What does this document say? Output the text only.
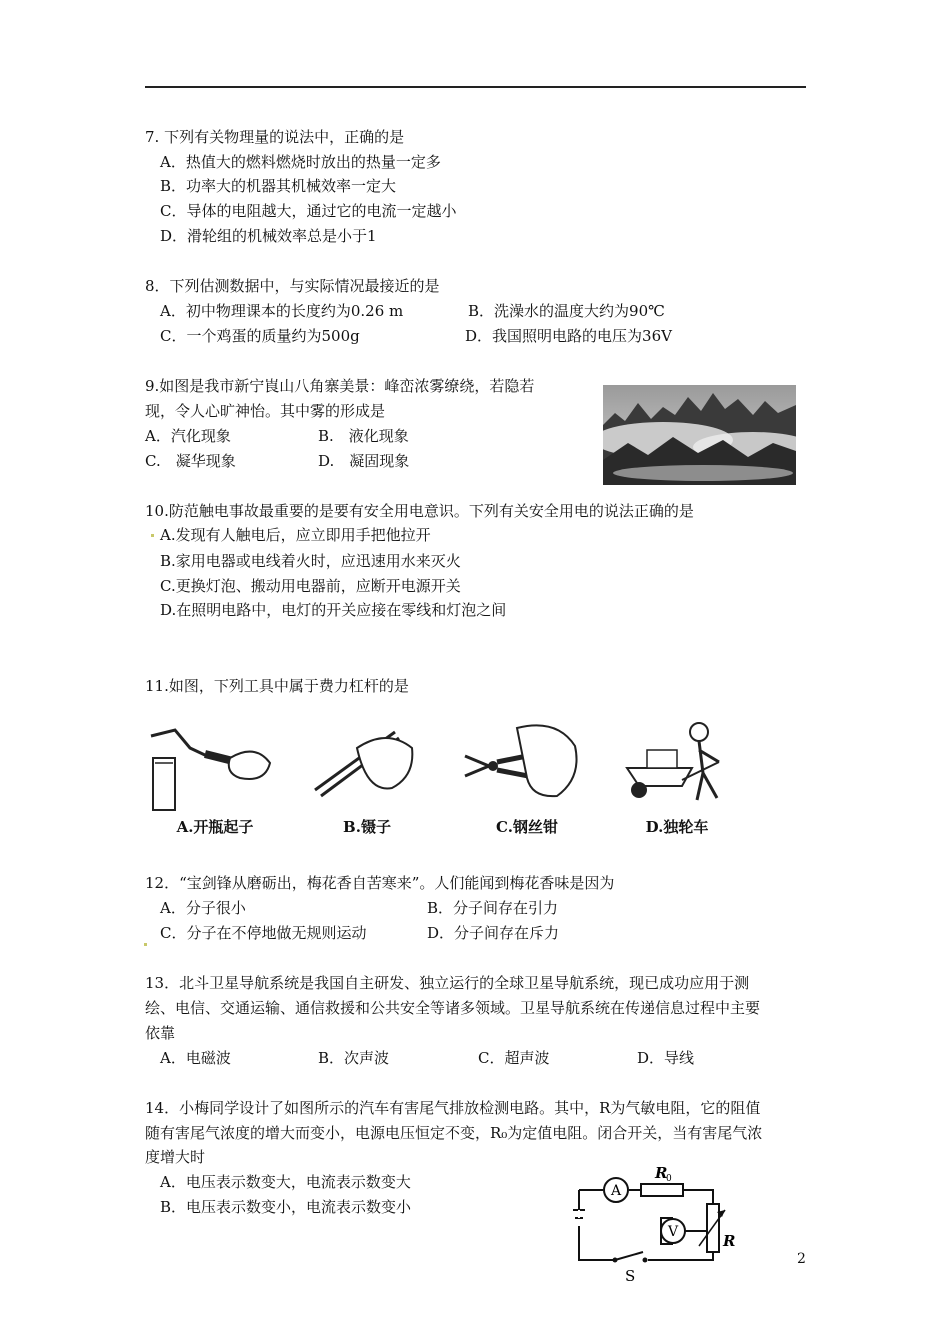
7. 下列有关物理量的说法中，正确的是
A．热值大的燃料燃烧时放出的热量一定多
B．功率大的机器其机械效率一定大
C．导体的电阻越大，通过它的电流一定越小
D．滑轮组的机械效率总是小于1
8．下列估测数据中，与实际情况最接近的是
A．初中物理课本的长度约为0.26 m	B．洗澡水的温度大约为90℃
C．一个鸡蛋的质量约为500g	D．我国照明电路的电压为36V
9.如图是我市新宁崀山八角寨美景：峰峦浓雾缭绕，若隐若
现，令人心旷神怡。其中雾的形成是
A．汽化现象	B.　液化现象
C.　凝华现象	D.　凝固现象
10.防范触电事故最重要的是要有安全用电意识。下列有关安全用电的说法正确的是
A.发现有人触电后，应立即用手把他拉开
B.家用电器或电线着火时，应迅速用水来灭火
C.更换灯泡、搬动用电器前，应断开电源开关
D.在照明电路中，电灯的开关应接在零线和灯泡之间
11.如图，下列工具中属于费力杠杆的是
A.开瓶起子	B.镊子	C.钢丝钳	D.独轮车
12．“宝剑锋从磨砺出，梅花香自苦寒来”。人们能闻到梅花香味是因为
A．分子很小	B．分子间存在引力
C．分子在不停地做无规则运动	D．分子间存在斥力
13．北斗卫星导航系统是我国自主研发、独立运行的全球卫星导航系统，现已成功应用于测
绘、电信、交通运输、通信救援和公共安全等诸多领域。卫星导航系统在传递信息过程中主要
依靠
A．电磁波	B．次声波	C．超声波	D．导线
14．小梅同学设计了如图所示的汽车有害尾气排放检测电路。其中，R为气敏电阻，它的阻值
随有害尾气浓度的增大而变小，电源电压恒定不变，R₀为定值电阻。闭合开关，当有害尾气浓
度增大时
A．电压表示数变大，电流表示数变大
B．电压表示数变小，电流表示数变小
A
R
0
V	R
S
2
